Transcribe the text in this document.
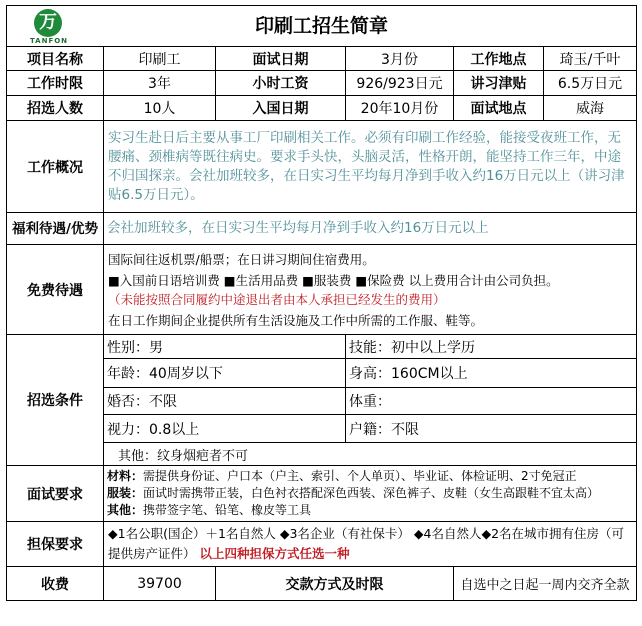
万
TANFON
印刷工招生简章					
项目名称	印刷工	面试日期	3月份	工作地点	琦玉/千叶
工作时限	3年	小时工资	926/923日元	讲习津贴	6.5万日元
招选人数	10人	入国日期	20年10月份	面试地点	威海
工作概况	实习生赴日后主要从事工厂印刷相关工作。必须有印刷工作经验，能接受夜班工作，无腰痛、颈椎病等既往病史。要求手头快，头脑灵活，性格开朗，能坚持工作三年，中途不归国探亲。会社加班较多，在日实习生平均每月净到手收入约16万日元以上（讲习津贴6.5万日元）。				
福利待遇/优势	会社加班较多，在日实习生平均每月净到手收入约16万日元以上				
免费待遇	国际间往返机票/船票；在日讲习期间住宿费用。
■入国前日语培训费 ■生活用品费 ■服装费 ■保险费 以上费用合计由公司负担。
（未能按照合同履约中途退出者由本人承担已经发生的费用）
在日工作期间企业提供所有生活设施及工作中所需的工作服、鞋等。				

招选条件	性别：男		技能：初中以上学历		
	年龄：40周岁以下		身高：160CM以上		
	婚否：不限		体重：		
	视力：0.8以上		户籍：不限		
	其他：纹身烟疤者不可				
面试要求	材料：需提供身份证、户口本（户主、索引、个人单页）、毕业证、体检证明、2寸免冠正
服装：面试时需携带正装，白色衬衣搭配深色西装、深色裤子、皮鞋（女生高跟鞋不宜太高）
其他：携带签字笔、铅笔、橡皮等工具				

担保要求	◆1名公职(国企）＋1名自然人 ◆3名企业（有社保卡） ◆4名自然人◆2名在城市拥有住房（可提供房产证件） 以上四种担保方式任选一种				
收费	39700	交款方式及时限		自选中之日起一周内交齐全款	
